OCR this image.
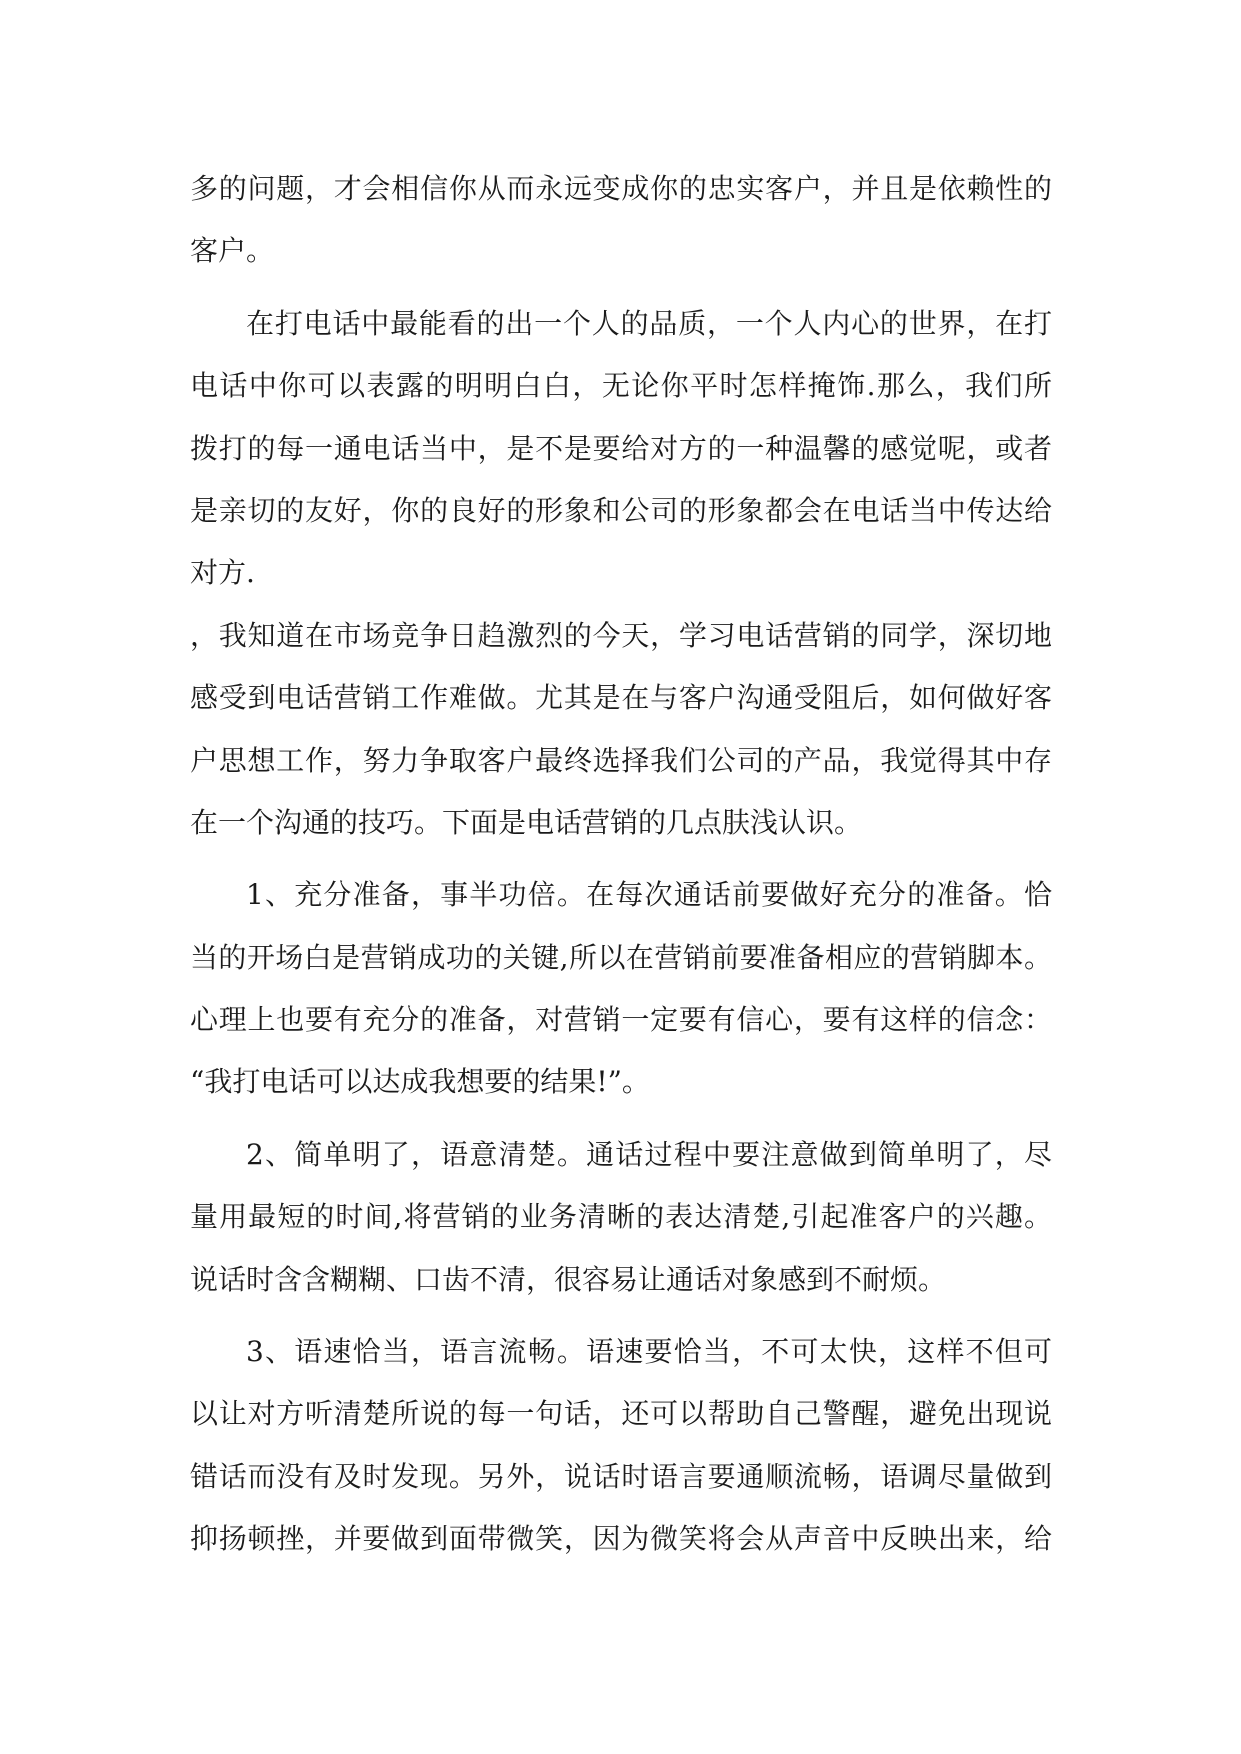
多的问题，才会相信你从而永远变成你的忠实客户，并且是依赖性的
客户。
在打电话中最能看的出一个人的品质，一个人内心的世界，在打
电话中你可以表露的明明白白，无论你平时怎样掩饰.那么，我们所
拨打的每一通电话当中，是不是要给对方的一种温馨的感觉呢，或者
是亲切的友好，你的良好的形象和公司的形象都会在电话当中传达给
对方.
，我知道在市场竞争日趋激烈的今天，学习电话营销的同学，深切地
感受到电话营销工作难做。尤其是在与客户沟通受阻后，如何做好客
户思想工作，努力争取客户最终选择我们公司的产品，我觉得其中存
在一个沟通的技巧。下面是电话营销的几点肤浅认识。
1、充分准备，事半功倍。在每次通话前要做好充分的准备。恰
当的开场白是营销成功的关键,所以在营销前要准备相应的营销脚本。
心理上也要有充分的准备，对营销一定要有信心，要有这样的信念：
“我打电话可以达成我想要的结果!”。
2、简单明了，语意清楚。通话过程中要注意做到简单明了，尽
量用最短的时间,将营销的业务清晰的表达清楚,引起准客户的兴趣。
说话时含含糊糊、口齿不清，很容易让通话对象感到不耐烦。
3、语速恰当，语言流畅。语速要恰当，不可太快，这样不但可
以让对方听清楚所说的每一句话，还可以帮助自己警醒，避免出现说
错话而没有及时发现。另外，说话时语言要通顺流畅，语调尽量做到
抑扬顿挫，并要做到面带微笑，因为微笑将会从声音中反映出来，给
